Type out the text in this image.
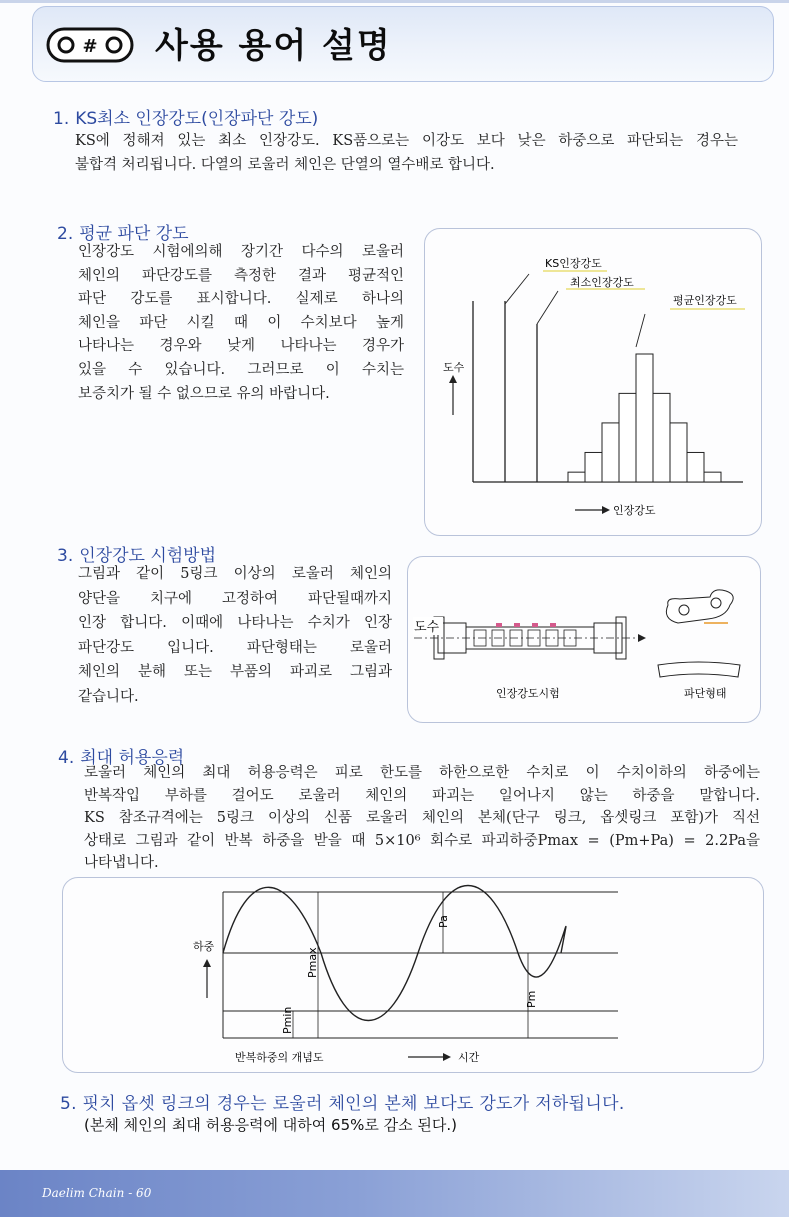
# 사용 용어 설명
1. KS최소 인장강도(인장파단 강도)
KS에 정해져 있는 최소 인장강도. KS품으로는 이강도 보다 낮은 하중으로 파단되는 경우는
불합격 처리됩니다. 다열의 로울러 체인은 단열의 열수배로 합니다.
2. 평균 파단 강도
인장강도 시험에의해 장기간 다수의 로울러
체인의 파단강도를 측정한 결과 평균적인
파단 강도를 표시합니다. 실제로 하나의
체인을 파단 시킬 때 이 수치보다 높게
나타나는 경우와 낮게 나타나는 경우가
있을 수 있습니다. 그러므로 이 수치는
보증치가 될 수 없으므로 유의 바랍니다.
KS인장강도
최소인장강도
평균인장강도
도수
인장강도
3. 인장강도 시험방법
그림과 같이 5링크 이상의 로울러 체인의
양단을 치구에 고정하여 파단될때까지
인장 합니다. 이때에 나타나는 수치가 인장
파단강도 입니다. 파단형태는 로울러
체인의 분해 또는 부품의 파괴로 그림과
같습니다.
도수
인장강도시험	파단형태
4. 최대 허용응력
로울러 체인의 최대 허용응력은 피로 한도를 하한으로한 수치로 이 수치이하의 하중에는
반복작입 부하를 걸어도 로울러 체인의 파괴는 일어나지 않는 하중을 말합니다.
KS 참조규격에는 5링크 이상의 신품 로울러 체인의 본체(단구 링크, 옵셋링크 포함)가 직선
상태로 그림과 같이 반복 하중을 받을 때 5×10⁶ 회수로 파괴하중Pmax = (Pm+Pa) = 2.2Pa을
나타냅니다.
Pa
Pmax
Pm
Pmin
하중
반복하중의 개념도	시간
5. 핏치 옵셋 링크의 경우는 로울러 체인의 본체 보다도 강도가 저하됩니다.
(본체 체인의 최대 허용응력에 대하여 65%로 감소 된다.)
Daelim Chain - 60
